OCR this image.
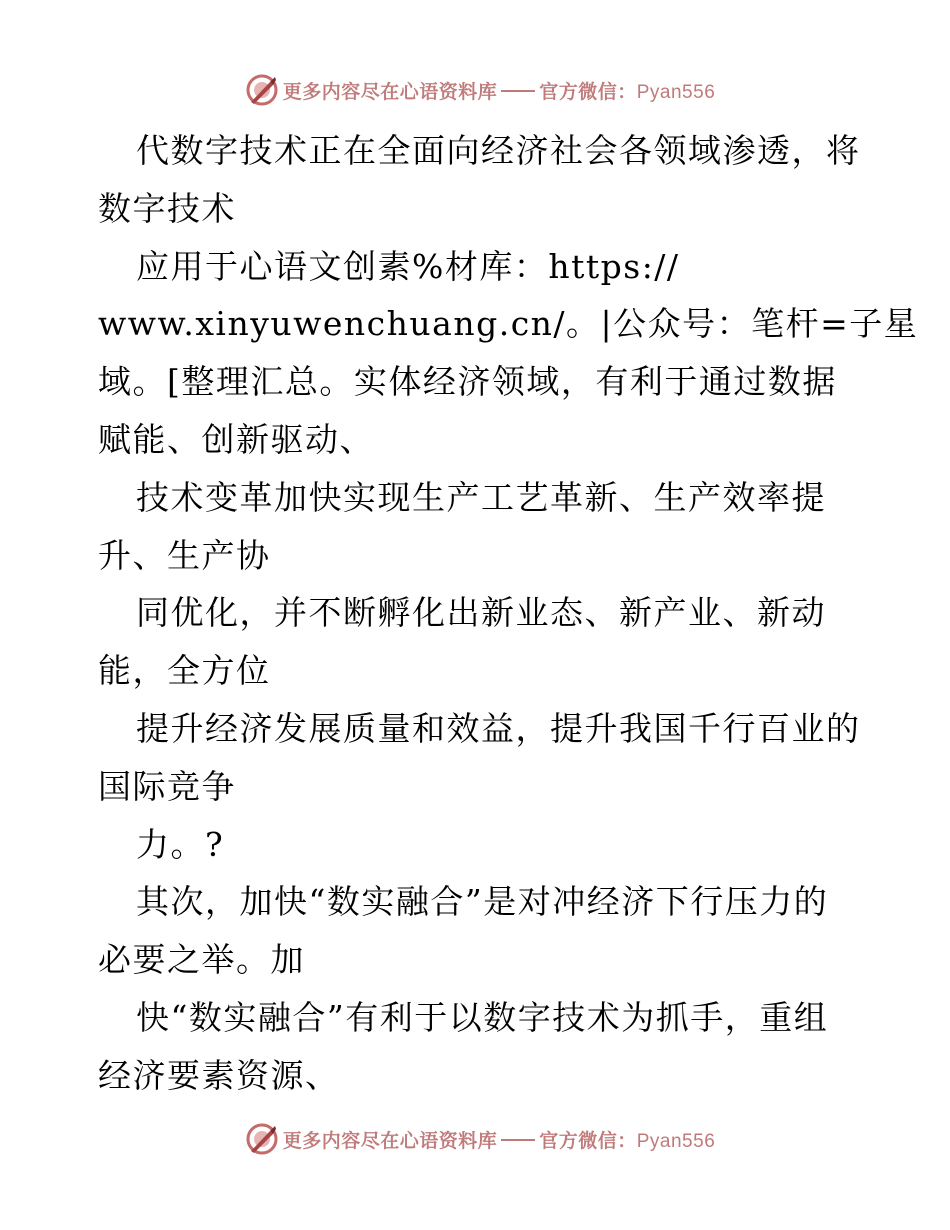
更多内容尽在心语资料库 官方微信：Pyan556
代数字技术正在全面向经济社会各领域渗透，将
数字技术
应用于心语文创素%材库：https://
www.xinyuwenchuang.cn/。|公众号：笔杆=子星
域。[整理汇总。实体经济领域，有利于通过数据
赋能、创新驱动、
技术变革加快实现生产工艺革新、生产效率提
升、生产协
同优化，并不断孵化出新业态、新产业、新动
能，全方位
提升经济发展质量和效益，提升我国千行百业的
国际竞争
力。?
其次，加快“数实融合”是对冲经济下行压力的
必要之举。加
快“数实融合”有利于以数字技术为抓手，重组
经济要素资源、
更多内容尽在心语资料库 官方微信：Pyan556
